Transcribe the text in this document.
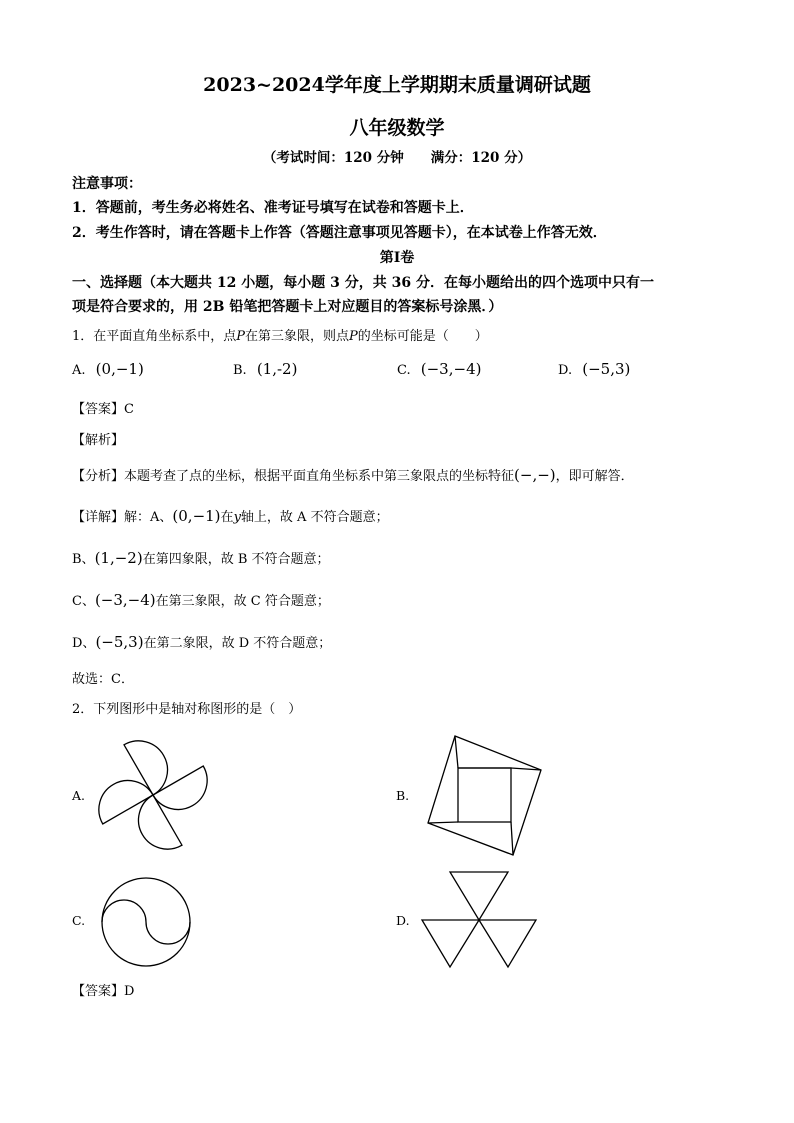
2023~2024学年度上学期期末质量调研试题
八年级数学
（考试时间：120 分钟　　满分：120 分）
注意事项：
1．答题前，考生务必将姓名、准考证号填写在试卷和答题卡上．
2．考生作答时，请在答题卡上作答（答题注意事项见答题卡），在本试卷上作答无效．
第Ⅰ卷
一、选择题（本大题共 12 小题，每小题 3 分，共 36 分．在每小题给出的四个选项中只有一
项是符合要求的，用 2B 铅笔把答题卡上对应题目的答案标号涂黑．）
1．在平面直角坐标系中，点P在第三象限，则点P的坐标可能是（　　）
A. (0,−1)	B. (1,-2)	C. (−3,−4)	D. (−5,3)
【答案】C
【解析】
【分析】本题考查了点的坐标，根据平面直角坐标系中第三象限点的坐标特征(−,−)，即可解答．
【详解】解：A、(0,−1)在y轴上，故 A 不符合题意；
B、(1,−2)在第四象限，故 B 不符合题意；
C、(−3,−4)在第三象限，故 C 符合题意；
D、(−5,3)在第二象限，故 D 不符合题意；
故选：C．
2．下列图形中是轴对称图形的是（　）
A.	B.
C.	D.
【答案】D
